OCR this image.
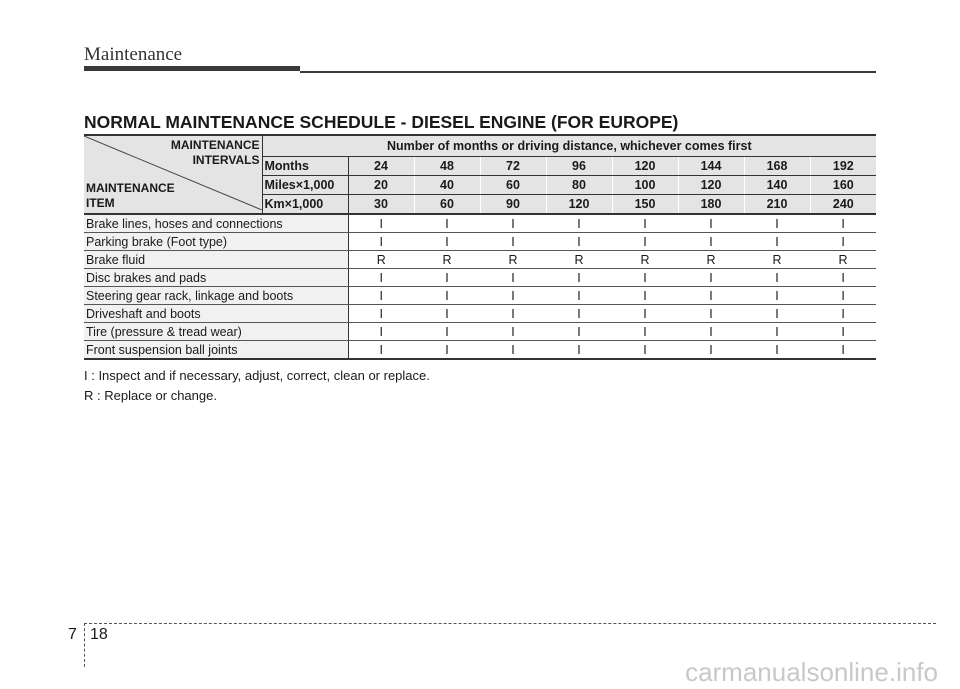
Maintenance
NORMAL MAINTENANCE SCHEDULE - DIESEL ENGINE (FOR EUROPE)
MAINTENANCE
INTERVALS
MAINTENANCE
ITEM	Number of months or driving distance, whichever comes first								
	Months	24	48	72	96	120	144	168	192
	Miles×1,000	20	40	60	80	100	120	140	160
	Km×1,000	30	60	90	120	150	180	210	240
Brake lines, hoses and connections		I	I	I	I	I	I	I	I
Parking brake (Foot type)		I	I	I	I	I	I	I	I
Brake fluid		R	R	R	R	R	R	R	R
Disc brakes and pads		I	I	I	I	I	I	I	I
Steering gear rack, linkage and boots		I	I	I	I	I	I	I	I
Driveshaft and boots		I	I	I	I	I	I	I	I
Tire (pressure & tread wear)		I	I	I	I	I	I	I	I
Front suspension ball joints		I	I	I	I	I	I	I	I

I : Inspect and if necessary, adjust, correct, clean or replace.

R : Replace or change.

7 18
carmanualsonline.info
